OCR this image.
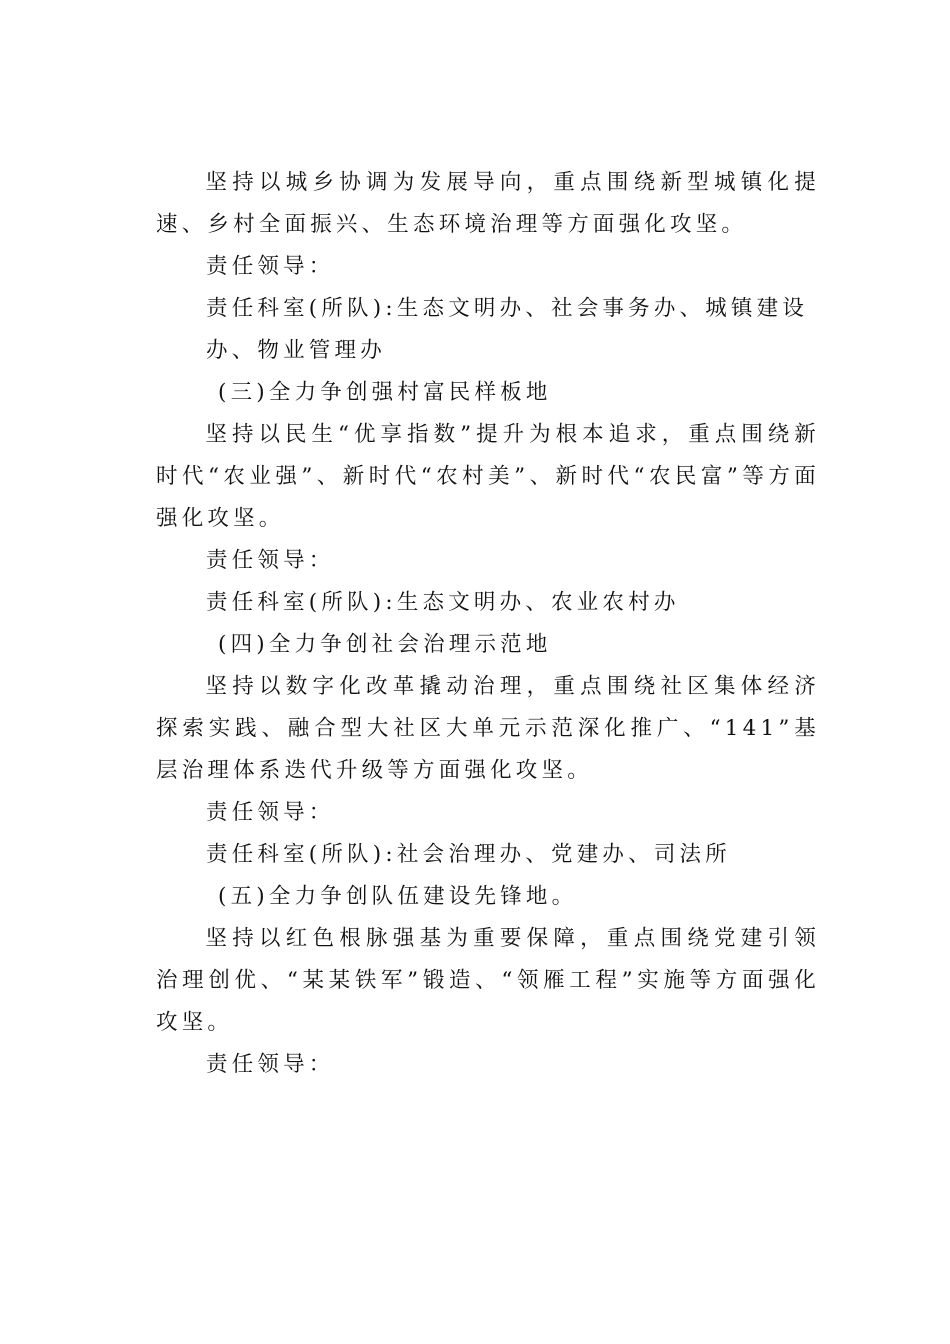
坚持以城乡协调为发展导向，重点围绕新型城镇化提速、乡村全面振兴、生态环境治理等方面强化攻坚。

责任领导：

责任科室(所队):生态文明办、社会事务办、城镇建设办、物业管理办

(三)全力争创强村富民样板地

坚持以民生“优享指数”提升为根本追求，重点围绕新时代“农业强”、新时代“农村美”、新时代“农民富”等方面强化攻坚。

责任领导：

责任科室(所队):生态文明办、农业农村办

(四)全力争创社会治理示范地

坚持以数字化改革撬动治理，重点围绕社区集体经济探索实践、融合型大社区大单元示范深化推广、“141”基层治理体系迭代升级等方面强化攻坚。

责任领导：

责任科室(所队):社会治理办、党建办、司法所

(五)全力争创队伍建设先锋地。

坚持以红色根脉强基为重要保障，重点围绕党建引领治理创优、“某某铁军”锻造、“领雁工程”实施等方面强化攻坚。

责任领导：
